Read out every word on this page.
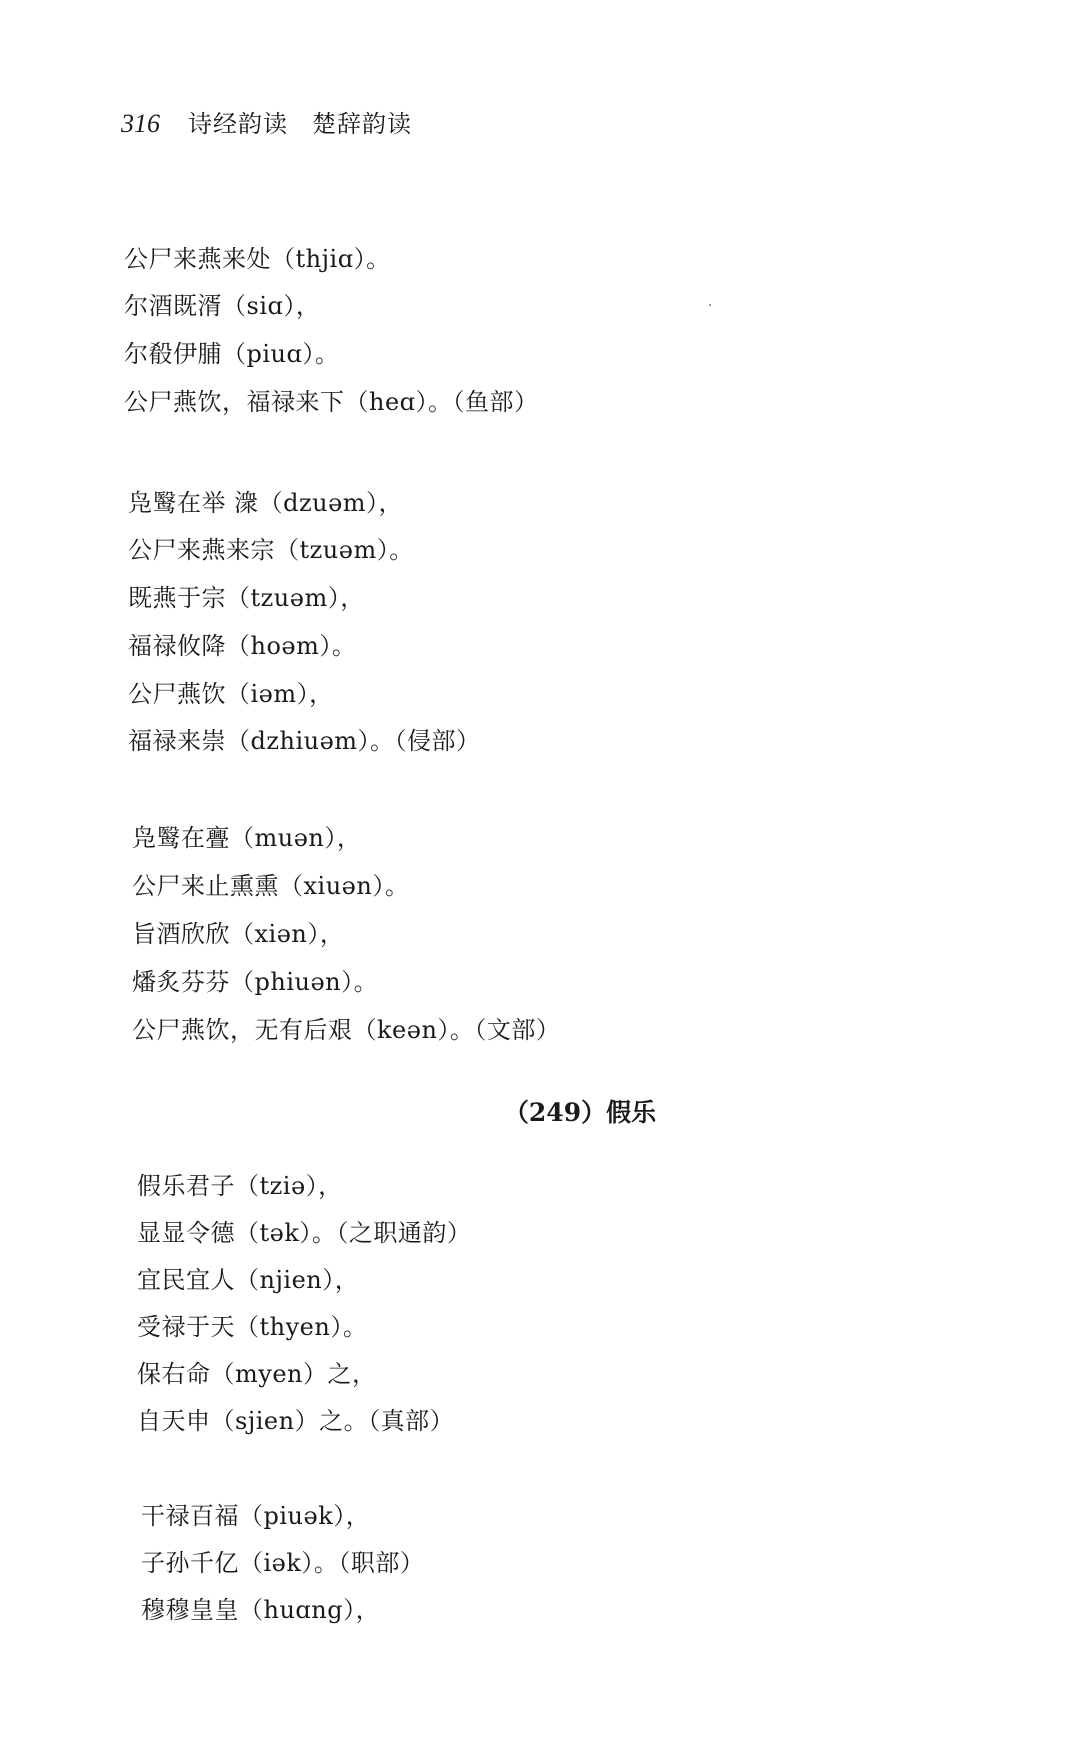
316 诗经韵读 楚辞韵读
公尸来燕来处（thjiɑ）。
尔酒既湑（siɑ），
尔殽伊脯（piuɑ）。
公尸燕饮，福禄来下（heɑ）。（鱼部）
凫鹥在举 潨（dzuəm），
公尸来燕来宗（tzuəm）。
既燕于宗（tzuəm），
福禄攸降（hoəm）。
公尸燕饮（iəm），
福禄来崇（dzhiuəm）。（侵部）
凫鹥在亹（muən），
公尸来止熏熏（xiuən）。
旨酒欣欣（xiən），
燔炙芬芬（phiuən）。
公尸燕饮，无有后艰（keən）。（文部）
（249）假乐
假乐君子（tziə），
显显令德（tək）。（之职通韵）
宜民宜人（njien），
受禄于天（thyen）。
保右命（myen）之，
自天申（sjien）之。（真部）
干禄百福（piuək），
子孙千亿（iək）。（职部）
穆穆皇皇（huɑng），
